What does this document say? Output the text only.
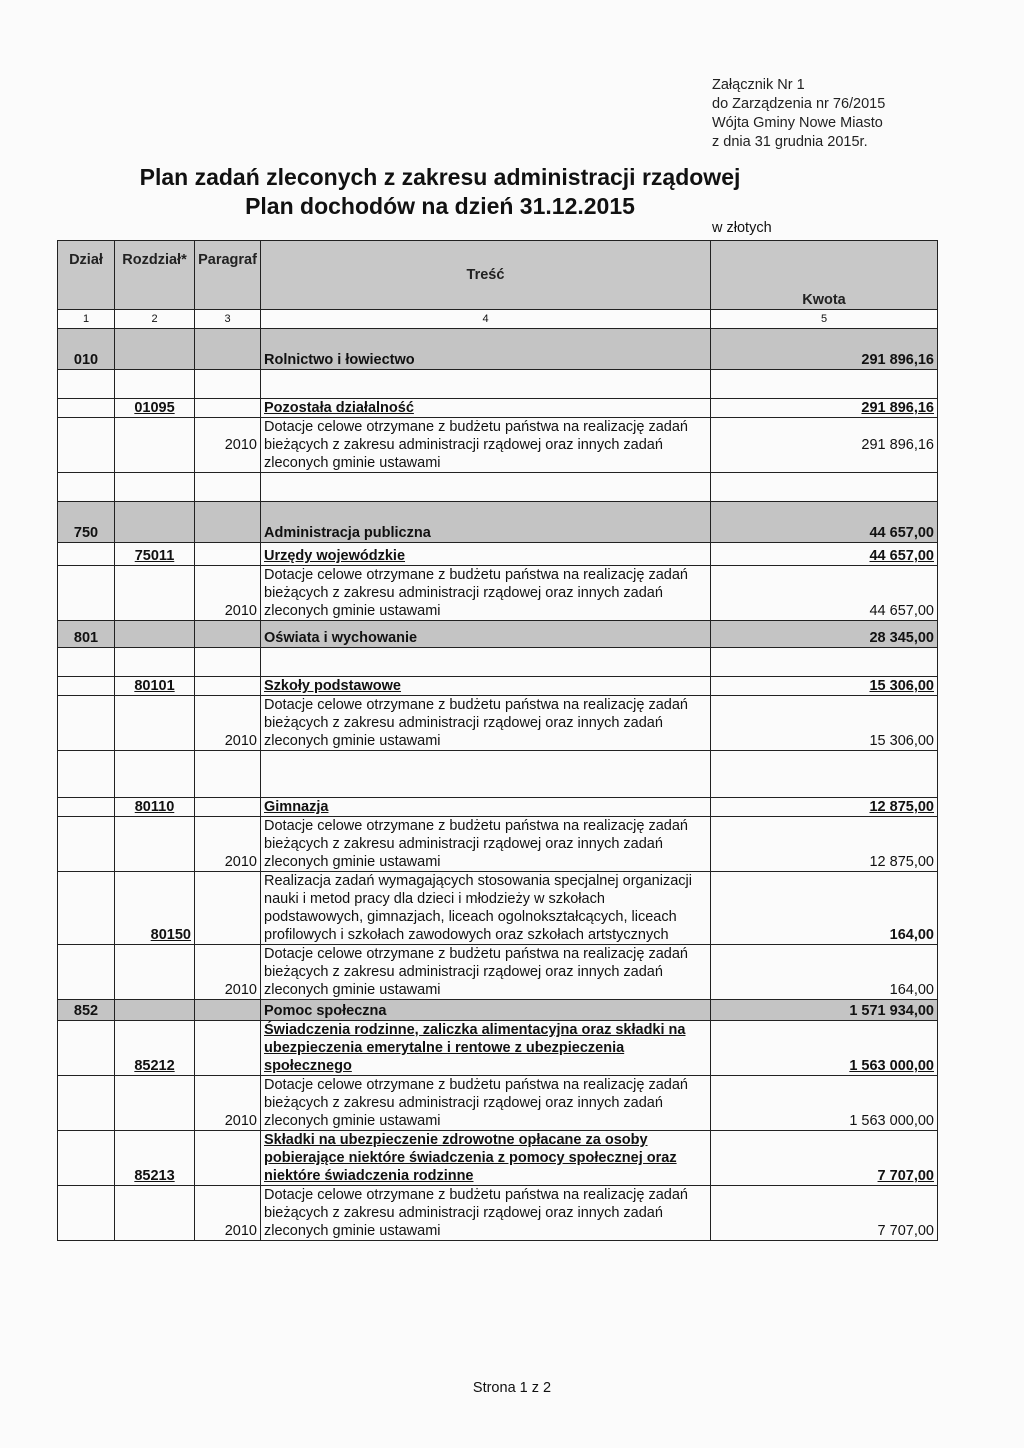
Załącznik Nr 1
do Zarządzenia nr 76/2015
Wójta Gminy Nowe Miasto
z dnia 31 grudnia 2015r.
Plan zadań zleconych z zakresu administracji rządowej
Plan dochodów na dzień 31.12.2015
w złotych
Dział	Rozdział*	Paragraf	Treść	Kwota
1	2	3	4	5
010			Rolnictwo i łowiectwo	291 896,16

	01095		Pozostała działalność	291 896,16
		2010	Dotacje celowe otrzymane z budżetu państwa na realizację zadań bieżących z zakresu administracji rządowej oraz innych zadań zleconych gminie ustawami	291 896,16

750			Administracja publiczna	44 657,00
	75011		Urzędy wojewódzkie	44 657,00
		2010	Dotacje celowe otrzymane z budżetu państwa na realizację zadań bieżących z zakresu administracji rządowej oraz innych zadań zleconych gminie ustawami	44 657,00
801			Oświata i wychowanie	28 345,00

	80101		Szkoły podstawowe	15 306,00
		2010	Dotacje celowe otrzymane z budżetu państwa na realizację zadań bieżących z zakresu administracji rządowej oraz innych zadań zleconych gminie ustawami	15 306,00

	80110		Gimnazja	12 875,00
		2010	Dotacje celowe otrzymane z budżetu państwa na realizację zadań bieżących z zakresu administracji rządowej oraz innych zadań zleconych gminie ustawami	12 875,00
	80150		Realizacja zadań wymagających stosowania specjalnej organizacji nauki i metod pracy dla dzieci i młodzieży w szkołach podstawowych, gimnazjach, liceach ogolnokształcących, liceach profilowych i szkołach zawodowych oraz szkołach artstycznych	164,00
		2010	Dotacje celowe otrzymane z budżetu państwa na realizację zadań bieżących z zakresu administracji rządowej oraz innych zadań zleconych gminie ustawami	164,00
852			Pomoc społeczna	1 571 934,00
	85212		Świadczenia rodzinne, zaliczka alimentacyjna oraz składki na ubezpieczenia emerytalne i rentowe z ubezpieczenia społecznego	1 563 000,00
		2010	Dotacje celowe otrzymane z budżetu państwa na realizację zadań bieżących z zakresu administracji rządowej oraz innych zadań zleconych gminie ustawami	1 563 000,00
	85213		Składki na ubezpieczenie zdrowotne opłacane za osoby pobierające niektóre świadczenia z pomocy społecznej oraz niektóre świadczenia rodzinne	7 707,00
		2010	Dotacje celowe otrzymane z budżetu państwa na realizację zadań bieżących z zakresu administracji rządowej oraz innych zadań zleconych gminie ustawami	7 707,00
Strona 1 z 2
